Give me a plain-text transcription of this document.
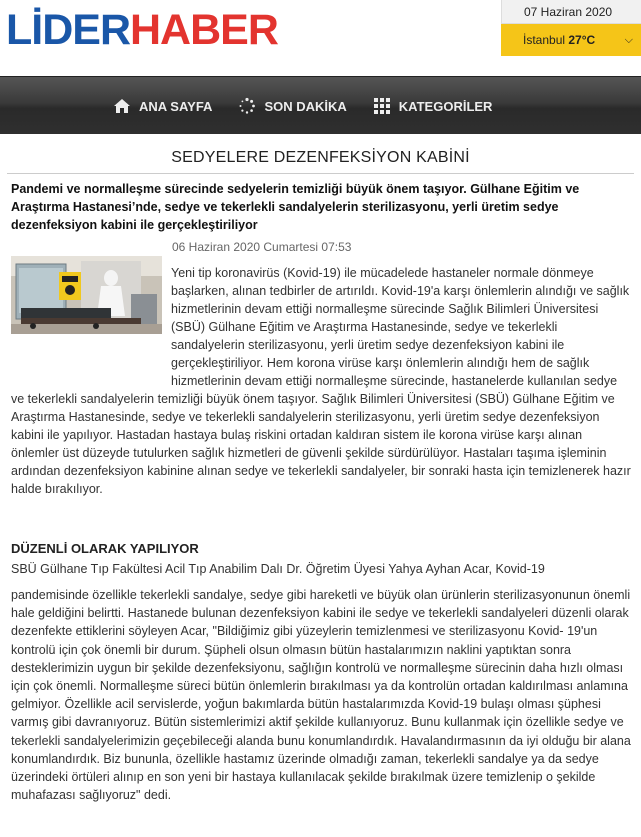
LİDERHABER	07 Haziran 2020
İstanbul 27°C	⌵
ANA SAYFA	SON DAKİKA	KATEGORİLER
SEDYELERE DEZENFEKSİYON KABİNİ
Pandemi ve normalleşme sürecinde sedyelerin temizliği büyük önem taşıyor. Gülhane Eğitim ve Araştırma Hastanesi’nde, sedye ve tekerlekli sandalyelerin sterilizasyonu, yerli üretim sedye dezenfeksiyon kabini ile gerçekleştiriliyor
06 Haziran 2020 Cumartesi 07:53
Yeni tip koronavirüs (Kovid-19) ile mücadelede hastaneler normale dönmeye başlarken, alınan tedbirler de artırıldı. Kovid-19'a karşı önlemlerin alındığı ve sağlık hizmetlerinin devam ettiği normalleşme sürecinde Sağlık Bilimleri Üniversitesi (SBÜ) Gülhane Eğitim ve Araştırma Hastanesinde, sedye ve tekerlekli sandalyelerin sterilizasyonu, yerli üretim sedye dezenfeksiyon kabini ile gerçekleştiriliyor. Hem korona virüse karşı önlemlerin alındığı hem de sağlık hizmetlerinin devam ettiği normalleşme sürecinde, hastanelerde kullanılan sedye ve tekerlekli sandalyelerin temizliği büyük önem taşıyor. Sağlık Bilimleri Üniversitesi (SBÜ) Gülhane Eğitim ve Araştırma Hastanesinde, sedye ve tekerlekli sandalyelerin sterilizasyonu, yerli üretim sedye dezenfeksiyon kabini ile yapılıyor. Hastadan hastaya bulaş riskini ortadan kaldıran sistem ile korona virüse karşı alınan önlemler üst düzeyde tutulurken sağlık hizmetleri de güvenli şekilde sürdürülüyor. Hastaları taşıma işleminin ardından dezenfeksiyon kabinine alınan sedye ve tekerlekli sandalyeler, bir sonraki hasta için temizlenerek hazır halde bırakılıyor.
DÜZENLİ OLARAK YAPILIYOR
SBÜ Gülhane Tıp Fakültesi Acil Tıp Anabilim Dalı Dr. Öğretim Üyesi Yahya Ayhan Acar, Kovid-19
pandemisinde özellikle tekerlekli sandalye, sedye gibi hareketli ve büyük olan ürünlerin sterilizasyonunun önemli hale geldiğini belirtti. Hastanede bulunan dezenfeksiyon kabini ile sedye ve tekerlekli sandalyeleri düzenli olarak dezenfekte ettiklerini söyleyen Acar, "Bildiğimiz gibi yüzeylerin temizlenmesi ve sterilizasyonu Kovid- 19'un kontrolü için çok önemli bir durum. Şüpheli olsun olmasın bütün hastalarımızın naklini yaptıktan sonra desteklerimizin uygun bir şekilde dezenfeksiyonu, sağlığın kontrolü ve normalleşme sürecinin daha hızlı olması için çok önemli. Normalleşme süreci bütün önlemlerin bırakılması ya da kontrolün ortadan kaldırılması anlamına gelmiyor. Özellikle acil servislerde, yoğun bakımlarda bütün hastalarımızda Kovid-19 bulaşı olması şüphesi varmış gibi davranıyoruz. Bütün sistemlerimizi aktif şekilde kullanıyoruz. Bunu kullanmak için özellikle sedye ve tekerlekli sandalyelerimizin geçebileceği alanda bunu konumlandırdık. Havalandırmasının da iyi olduğu bir alana konumlandırdık. Biz bununla, özellikle hastamız üzerinde olmadığı zaman, tekerlekli sandalye ya da sedye üzerindeki örtüleri alınıp en son yeni bir hastaya kullanılacak şekilde bırakılmak üzere temizlenip o şekilde muhafazası sağlıyoruz" dedi.
